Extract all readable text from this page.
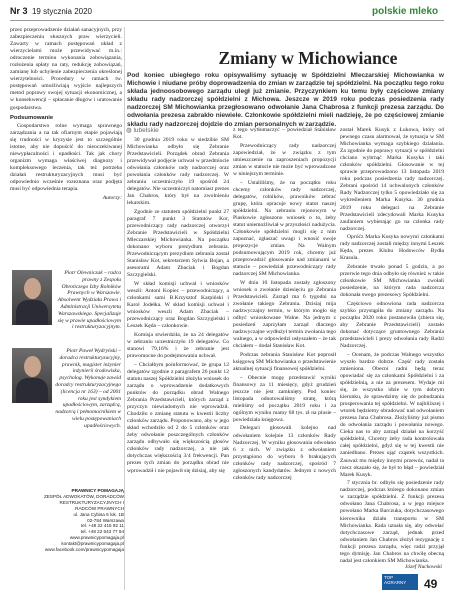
Nr 3 19 stycznia 2020	polskie mleko

przez przeprowadzenie działań sanacyjnych, przy zabezpieczeniu słusznych praw wierzycieli. Zawarty w ramach postępowań układ z wierzycielami może przewidywać m.in.: odroczenie terminu wykonania zobowiązania, rozłożenia spłaty na raty, redukcję zobowiązań, zamianę lub uchylenie zabezpieczenia określonej wierzytelności. Procedury w ramach tw. postępowań umożliwiają wyjście najlepszych metod poprawy swojej sytuacji ekonomicznej, a w konsekwencji – spłacanie długów i uratowanie gospodarstwa.

Podsumowanie

Gospodarstwo rolne wymaga sprawnego zarządzania a na tak ofiarnym etapie pojawiają się trudności w kryzysie jest to szczególnie istotne, aby nie dopuścić do nieoczekiwanej niewypłacalności i upadłości. Tak jak chory organizm wymaga właściwej diagnozy i kompleksowego leczenia, tak też potrzeba działań restrukturyzacyjnych musi być odpowiednio wcześnie rozeznana oraz podjęta musi być odpowiednia terapia.

Autorzy:

Piotr Olewniczak – radca prawny z Zespołu Obrończego Izby Rolników Prawnych w Warszawie. Absolwent Wydziału Prawa i Administracji Uniwersytetu Warszawskiego. Specjalizuje się w prawie upadłościowym i restrukturyzacyjnym.
Piotr Paweł Wydryński – doradca restrukturyzacyjny, prawnik, magister inżynier inżynierii środowiska, psycholog. Wykonuje zawód doradcy restrukturyzacyjnego (licencja nr 163) – od 2001 roku jest syndykiem upadłościowym, zarządcą, nadzorcą i pełnomocnikiem w wielu postępowaniach upadłościowych.
PRAWNICY POMAGAJĄ
ZESPÓŁ ADWOKATÓW, DORADCÓW RESTRUKTURYZACYJNYCH I RADCÓW PRAWNYCH
ul. Jana Cybisa 6 lok. 1B
02-784 Warszawa
tel. +48 22 415 92 11
tel. +48 22 643 77 94
www.prawnicypomagaja.pl
kontakt@prawnicypomagaja.pl
www.facebook.com/prawnicypomagaja
Zmiany w Michowiance
Pod koniec ubiegłego roku opisywaliśmy sytuację w Spółdzielni Mleczarskiej Michowianka w Michowie i niudane próby doprowadzenia do zmian w zarządzie tej spółdzielni. Na początku tego roku składa jednoosobowego zarządu uległ już zmianie. Przyczynkiem ku temu były częściowe zmiany składu rady nadzorczej spółdzielni z Michowa. Jeszcze w 2019 roku podczas posiedzenia rady nadzorczej SM Michowianka przegłosowano odwołanie Jana Chabrosa z funkcji prezesa zarządu. Do odwołania prezesa zabrakło niewiele. Członkowie spółdzielni mieli nadzieję, że po częściowej zmianie składu rady nadzorczej dojdzie do zmian personalnych w zarządzie.
◍ lubelskie

30 grudnia 2019 roku w siedzibie SM Michowianka odbyło się Zebranie Przedstawicieli. Porządek obrad Zebrania przewidywał podjęcie uchwał w przedmiocie odwołania członków rady nadzorczej oraz powołania członków rady nadzorczej. W zebraniu uczestniczyło 19 spośród 24 delegatów. Nie uczestniczył natomiast prezes Jan Chabros, który był na zwolnieniu lekarskim.

Zgodnie ze statutem spółdzielni punkt 27 paragraf 7 punkt 3 Statutów Kor, przewodniczący rady nadzorczej otworzył Zebranie Przedstawicieli w Spółdzielni Mleczarskiej Michowianka. Na początku dokonano wyboru prezydium zebrania. Przewodniczącym prezydium zebrania został Stanisław Kot, sekretarzem Sylwia Bojan, a asesorami Adam Zbaciak i Bogdan Szczygielski.

W skład komisji uchwał i wniosków weszli: Antoni Kopiec – przewodniczący, a członkami sami B.Krzysztof Karpiński i Karol Jodełka. W skład komisji uchwał i wniosków weszli Adam Zbaciak – przewodniczący oraz Bogdan Szczygielski i Leszek Kęda – członkowie.

Komisja stwierdziła, że na 24 delegatów w zebraniu uczestniczyło 19 delegatów. Co stanowi 79,16% i że zebranie jest prawomocne do podejmowania uchwał.

– Chciałbym poinformować, że grupa 12 delegatów zgodnie z paragrafem 26 punkt 12 statutu naszej Spółdzielni złożyła wniosek do zarządu o wprowadzenie dodatkowych punktów do porządku obrad Walnego Zebrania Przedstawicieli, których zarząd z przyczyn niewiadomych nie wprowadził. Chodziło o zmianę statutu w kwestii liczby członków zarządu. Proponowano, aby w jego skład wchodziło od 2 do 5 członków oraz żeby odwołanie poszczególnych członków zarządu odbywało się większością głosów członków rady nadzorczej, a nie jak dotychczas większością 3/4 frekwencji. Pan prezes tych zmian do porządku obrad nie wprowadził i nie pojawił się dzisiaj, aby się

z tego wytłumaczyć – powiedział Stanisław Kot.

Przewodniczący rady nadzorczej zapowiedział, że w związku z tym umieszczenie na zaproszeniach propozycji zmian w statucie nie może być wprowadzone w niniejszym terminie.

– Ustaliliśmy, że na początku roku chcemy członków rady nadzorczej, delegatów, rolników, prawników zebrać grupę, która opracuje nowy statut naszej spółdzielni. Na zebraniu rejonowym w Piaskowie zgłoszono wniosek o to, żeby statut uniemożliwiał w przyszłości nadużycia. Członkowie spółdzielni mogli się z nim zapoznać, zgłaszać uwagi i wnosić swoje propozycje zmian. Na Walnym podsumowującym 2019 rok, chcemy już przeprowadzić głosowanie nad zmianami w statucie – powiedział przewodniczący rady nadzorczej SM Michowianka.

W dniu 10 listopada zostały zgłoszony wniosek o zwołanie dziesięciu go Zebrania Przedstawicieli. Zarząd ma 6 tygodni na zwołanie takiego Zebrania. Dzisiaj mija nadzwyczajny termin, w którym mogło się odbyć wnioskowane Walne. Na jednym z posiedzeń zaprzyłam zarząd dlaczego nadzwyczajne wydłużył termin zwołania tego walnego, a w odpowiedzi usłyszałem – że tak chciałem – dodał Stanisław Kot.

Podczas zebrania Stanisław Kot poprosił księgową SM Michowianka o przedstawienie aktualnej sytuacji finansowej spółdzielni.

– Obecnie mogę przedstawić wyniki finansowy za 11 miesięcy, gdyż grudzień jeszcze nie jest zamknięty. Pod koniec listopada odnotowaliśmy stratę, którą mieliśmy od początku 2019 roku i za ogólnym wyniku mamy 68 tys. zł na plusie – powiedziała księgowa.

Delegaci głosowali kolejno nad odwołaniem kolejnie 13 członków Rady Nadzorczej. W wyniku głosowania odwołano 6 z nich. W związku z odwołaniem przystąpiono do wyboru 6 brakujących członków rady nadzorczej, spośród 7 zgłoszonych kandydatów. Jednym z nowych członków rady nadzorczej

został Marek Kusyk z Łukowa, który od pewnego czasu alarmował, że sytuacja w SM Michowianka wymaga szybkiego działania. Za zgodnie do poprawy sytuacji w spółdzielni chciano wybrnąć Marka Kusyka i taki członków spółdzielni. Głosowanie w tej sprawie przeprowadzono 13 listopada 2019 roku podczas posiedzenia rady nadzorczej. Zebrani spośród 14 uchwalonych członków Rady Nadzorczej tylko 5 opowiedziało się za wykreśleniem Marka Kusyka. 30 grudnia 2019 roku delegaci na Zebranie Przedstawicieli zdecydowali Marka Kusyka zaufaniem wybierając go na członka rady nadzorczej.

Opróćz Marka Kusyka nowymi członkami rady nadzorczej zostali między innymi Leszek Kęda, prezes Klubu Hodowców Bydła Krasula.

Zebranie trwało ponad 5 godzin, a po przerwie tego dnia odbyło się również w takie członkowie SM Michowianka zwołali posiedzenie, na którym rada nadzorcza dokonała swego prezesowy Spółdzielni.

Częściowo odnowiona rada nadzorcza szybko przystąpiła do zmiany zarządu. Na początku 2020 roku postanowiła (zbiera się, aby Zebranie Przedstawicieli) zostało dokonać dotyczące gruntownego Zebrania przedstawicieli i prezy odwołania rady Radzi Nadzorczej.

– Ocenam, że podczas Walnego wszystko wyszło bardzo dobrze. Część rady została zmieniona. Obecni radni będą teraz opowiadać się za członkami Spółdzielni i za spółdzielnią, a nie za prezesem. Wydaje mi się, że wszystko idzie w tym dobrym kierunku, że sprawdzimy się do pobudzania prosperowania tej spółdzielni. W najbliższej i wtorek będziemy obradować nad odwołaniem prezesa Jana Chabrosa. Złożyliśmy już pismo do odwołania zarządu i powołania nowego. Cieka nas to aby zarząd działał na korzyść spółdzielni, Chcemy żeby rada kontrolowała całej spółdzielni, gdyż się w tej kwestii nie zaniedbano. Prezes ująć cząstek wszystkich. Zauważ mu między innymi przewóz, nadal ta rzecz okazało się, że był to błąd – powiedział Marek Kusyk.

7 stycznia br. odbyło się posiedzenie rady nadzorczej, podczas którego dokonano zmian w zarządzie spółdzielni. Z funkcji prezesa odwołano Jana Chabrosa, a w jego miejsce powołano Marka Barczuka, dotychczasowego kierownika działu transportu w SM Michowianka. Rada uznała się, aby odwołać dotychczasowe zarząd, jednak przed odwołaniem Jan Chabros złożył rezygnację z funkcji prezesa zarządu, więc radzi przyjął tego dymisję. Jan Chabros na chwilę obecną nadal jest członkiem SM Michowianka.

Józef Nuckowski
TOP AGRARNY	49
